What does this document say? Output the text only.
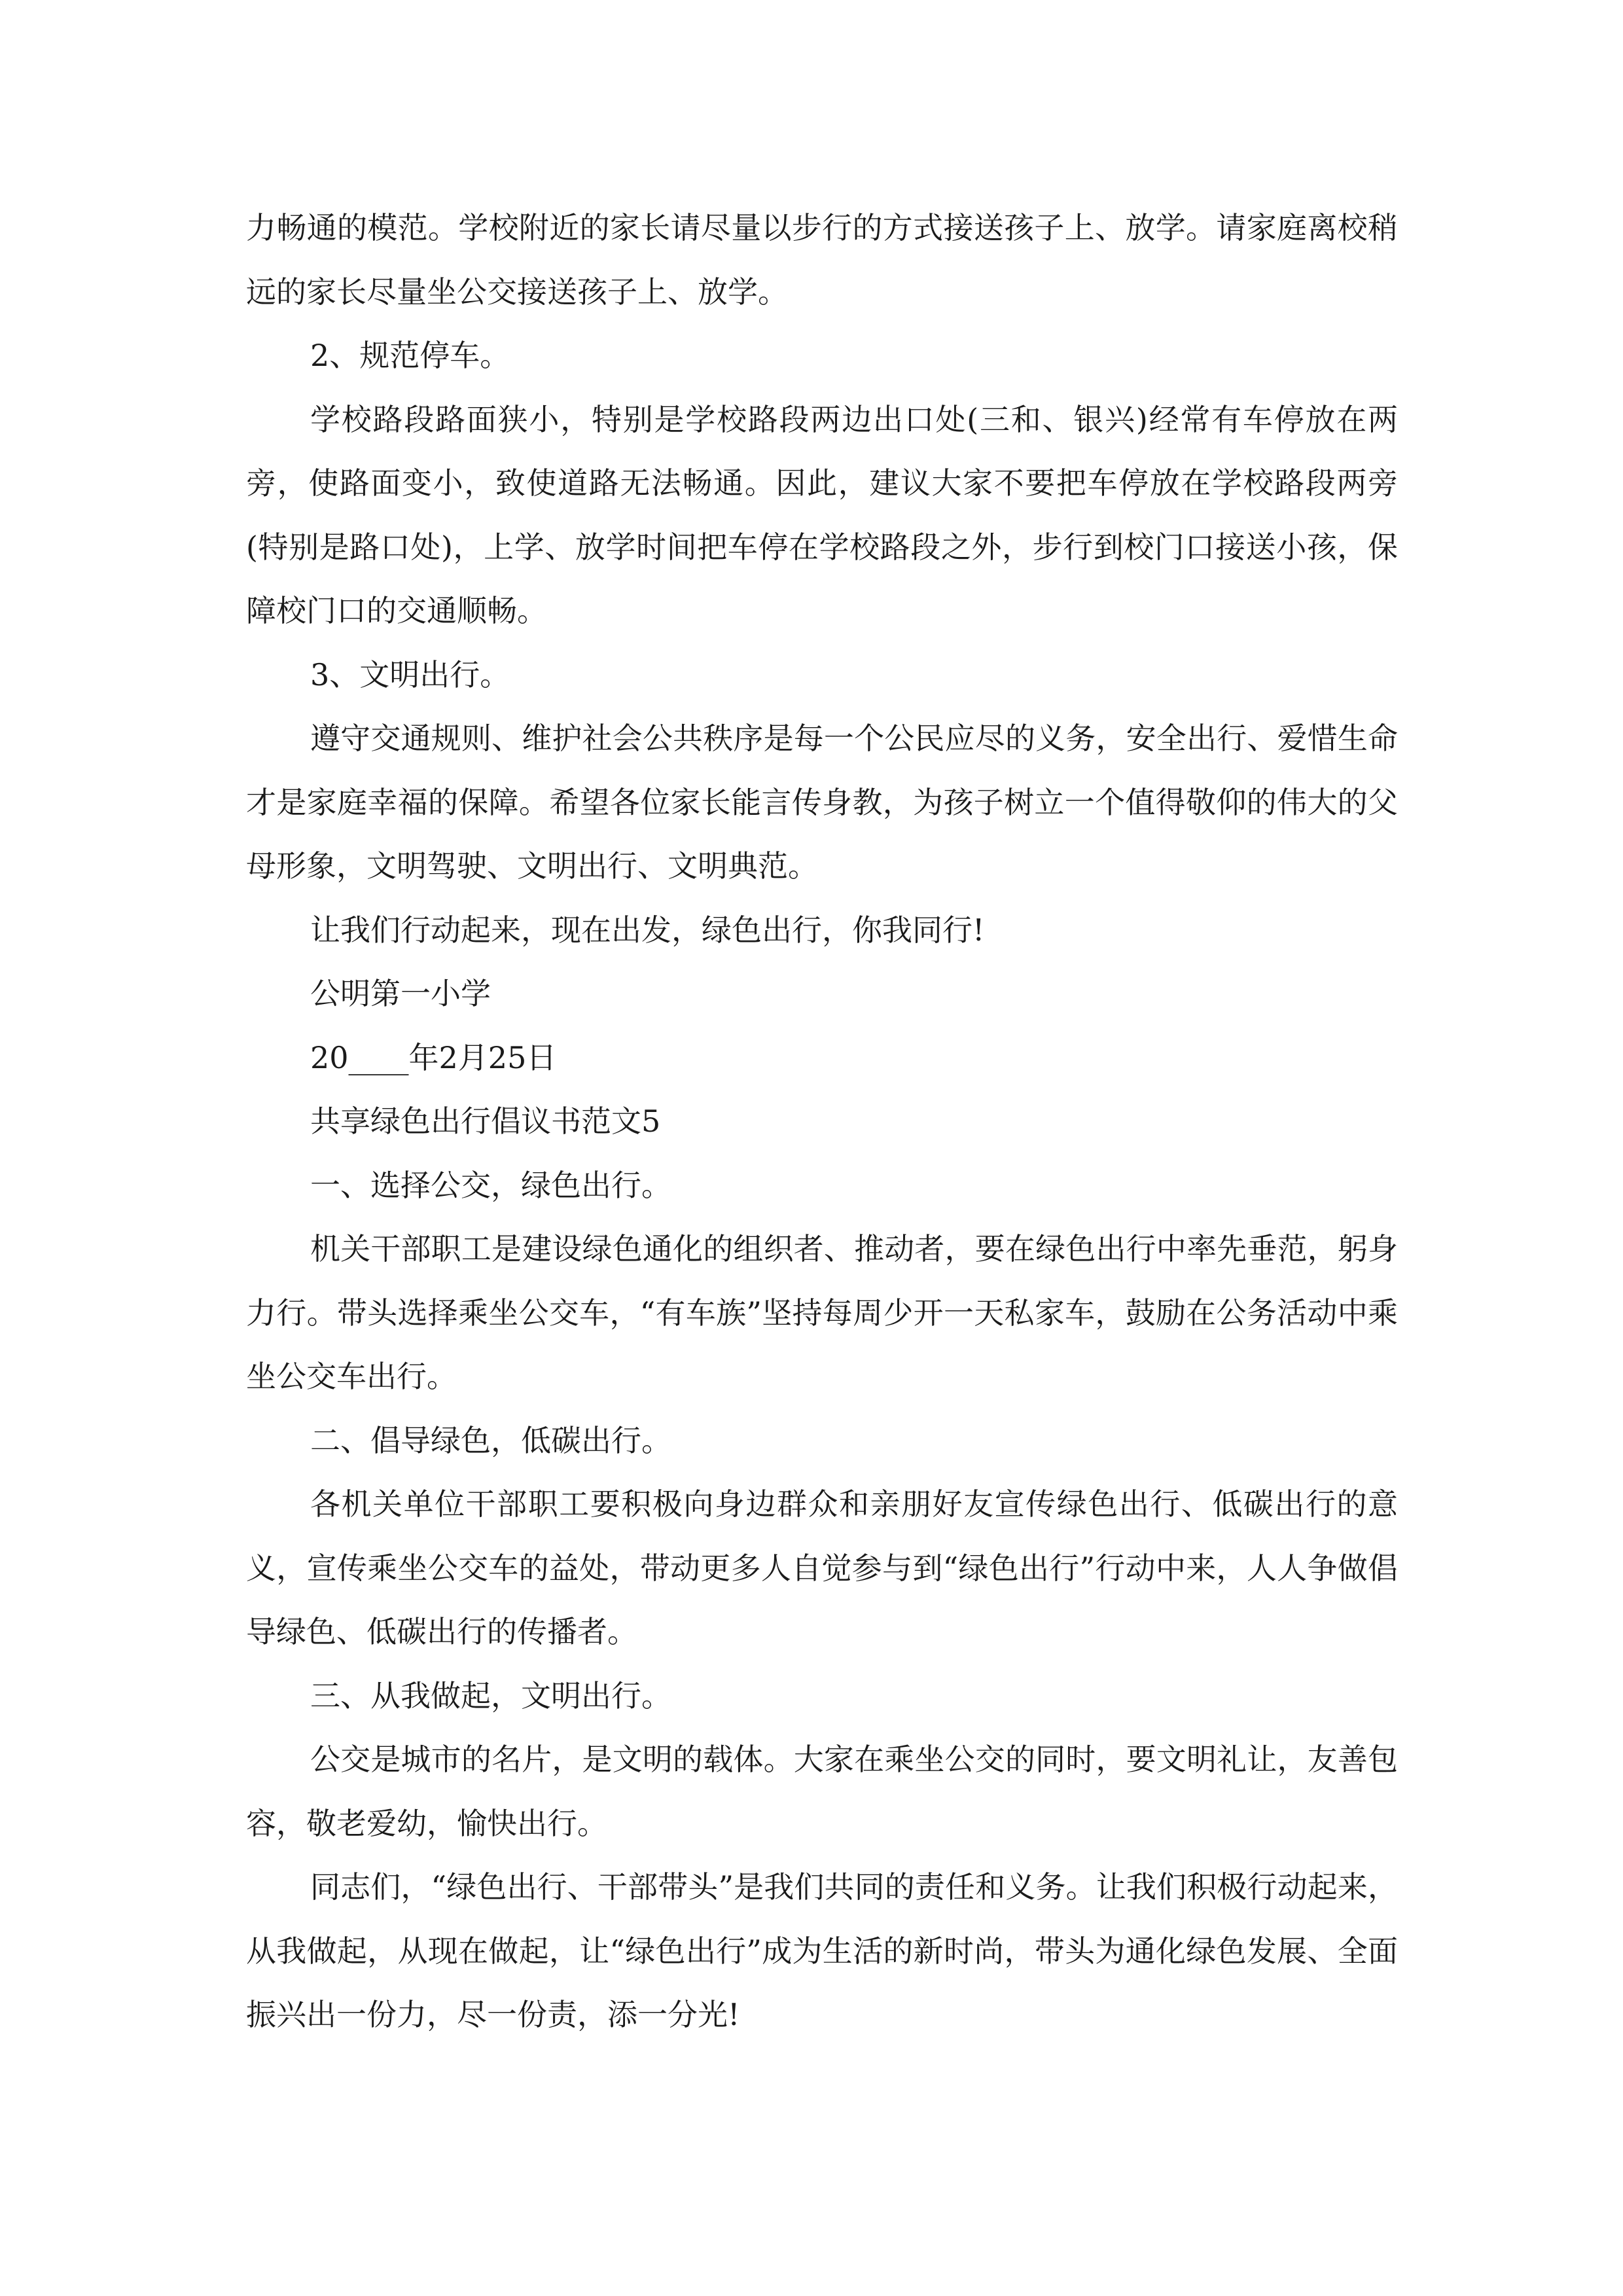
力畅通的模范。学校附近的家长请尽量以步行的方式接送孩子上、放学。请家庭离校稍远的家长尽量坐公交接送孩子上、放学。

2、规范停车。

学校路段路面狭小，特别是学校路段两边出口处(三和、银兴)经常有车停放在两旁，使路面变小，致使道路无法畅通。因此，建议大家不要把车停放在学校路段两旁(特别是路口处)，上学、放学时间把车停在学校路段之外，步行到校门口接送小孩，保障校门口的交通顺畅。

3、文明出行。

遵守交通规则、维护社会公共秩序是每一个公民应尽的义务，安全出行、爱惜生命才是家庭幸福的保障。希望各位家长能言传身教，为孩子树立一个值得敬仰的伟大的父母形象，文明驾驶、文明出行、文明典范。

让我们行动起来，现在出发，绿色出行，你我同行!

公明第一小学

20____年2月25日

共享绿色出行倡议书范文5

一、选择公交，绿色出行。

机关干部职工是建设绿色通化的组织者、推动者，要在绿色出行中率先垂范，躬身力行。带头选择乘坐公交车，“有车族”坚持每周少开一天私家车，鼓励在公务活动中乘坐公交车出行。

二、倡导绿色，低碳出行。

各机关单位干部职工要积极向身边群众和亲朋好友宣传绿色出行、低碳出行的意义，宣传乘坐公交车的益处，带动更多人自觉参与到“绿色出行”行动中来，人人争做倡导绿色、低碳出行的传播者。

三、从我做起，文明出行。

公交是城市的名片，是文明的载体。大家在乘坐公交的同时，要文明礼让，友善包容，敬老爱幼，愉快出行。

同志们，“绿色出行、干部带头”是我们共同的责任和义务。让我们积极行动起来，从我做起，从现在做起，让“绿色出行”成为生活的新时尚，带头为通化绿色发展、全面振兴出一份力，尽一份责，添一分光!
